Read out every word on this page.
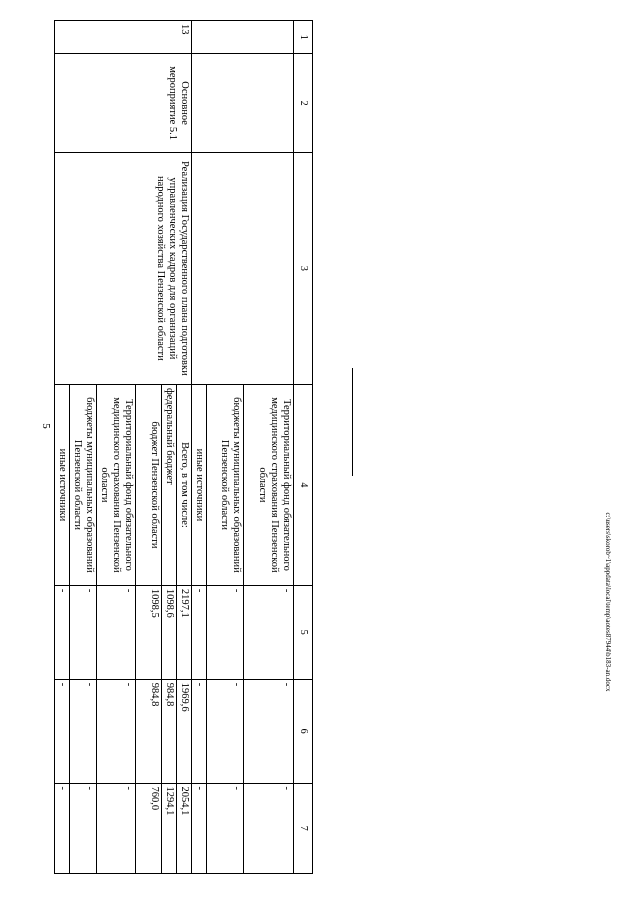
5
1	2	3	4	5	6	7
			Территориальный фонд обязательного медицинского страхования Пензенской области	-	-	-
			бюджеты муниципальных образований Пензенской области	-	-	-
			иные источники	-	-	-
13	Основное мероприятие 5.1	Реализация Государственного плана подготовки управленческих кадров для организаций народного хозяйства Пензенской области	Всего, в том числе:	2197,1	1969,6	2054,1
			федеральный бюджет	1098,6	984,8	1294,1
			бюджет Пензенской области	1098,5	984,8	760,0
			Территориальный фонд обязательного медицинского страхования Пензенской области	-	-	-
			бюджеты муниципальных образований Пензенской области	-	-	-
			иные источники	-	-	-
c:\users\skorob~1\appdata\local\temp\aotes87944\b183-an.docx
